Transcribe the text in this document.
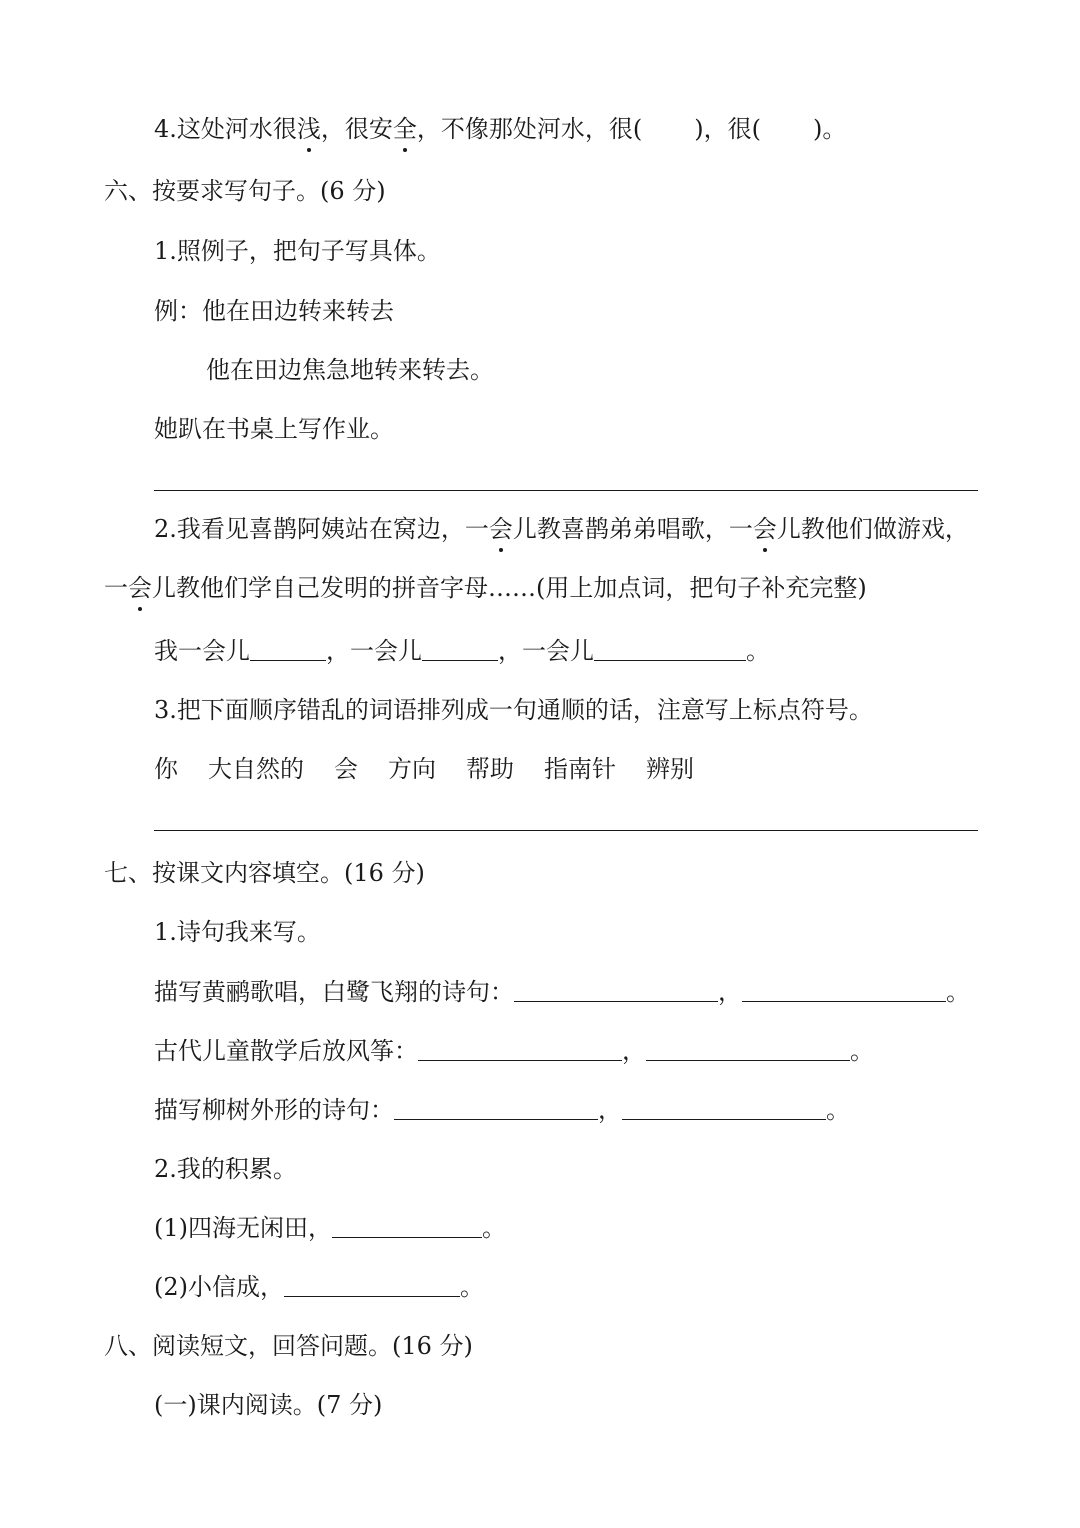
4.这处河水很浅，很安全，不像那处河水，很( )，很( )。
六、按要求写句子。(6 分)
1.照例子，把句子写具体。
例：他在田边转来转去
他在田边焦急地转来转去。
她趴在书桌上写作业。
2.我看见喜鹊阿姨站在窝边，一会儿教喜鹊弟弟唱歌，一会儿教他们做游戏，
一会儿教他们学自己发明的拼音字母……(用上加点词，把句子补充完整)
我一会儿	，一会儿	，一会儿	。
3.把下面顺序错乱的词语排列成一句通顺的话，注意写上标点符号。
你 大自然的 会 方向 帮助 指南针 辨别
七、按课文内容填空。(16 分)
1.诗句我来写。
描写黄鹂歌唱，白鹭飞翔的诗句：	，	。
古代儿童散学后放风筝：	，	。
描写柳树外形的诗句：	，	。
2.我的积累。
(1)四海无闲田，	。
(2)小信成，	。
八、阅读短文，回答问题。(16 分)
(一)课内阅读。(7 分)
